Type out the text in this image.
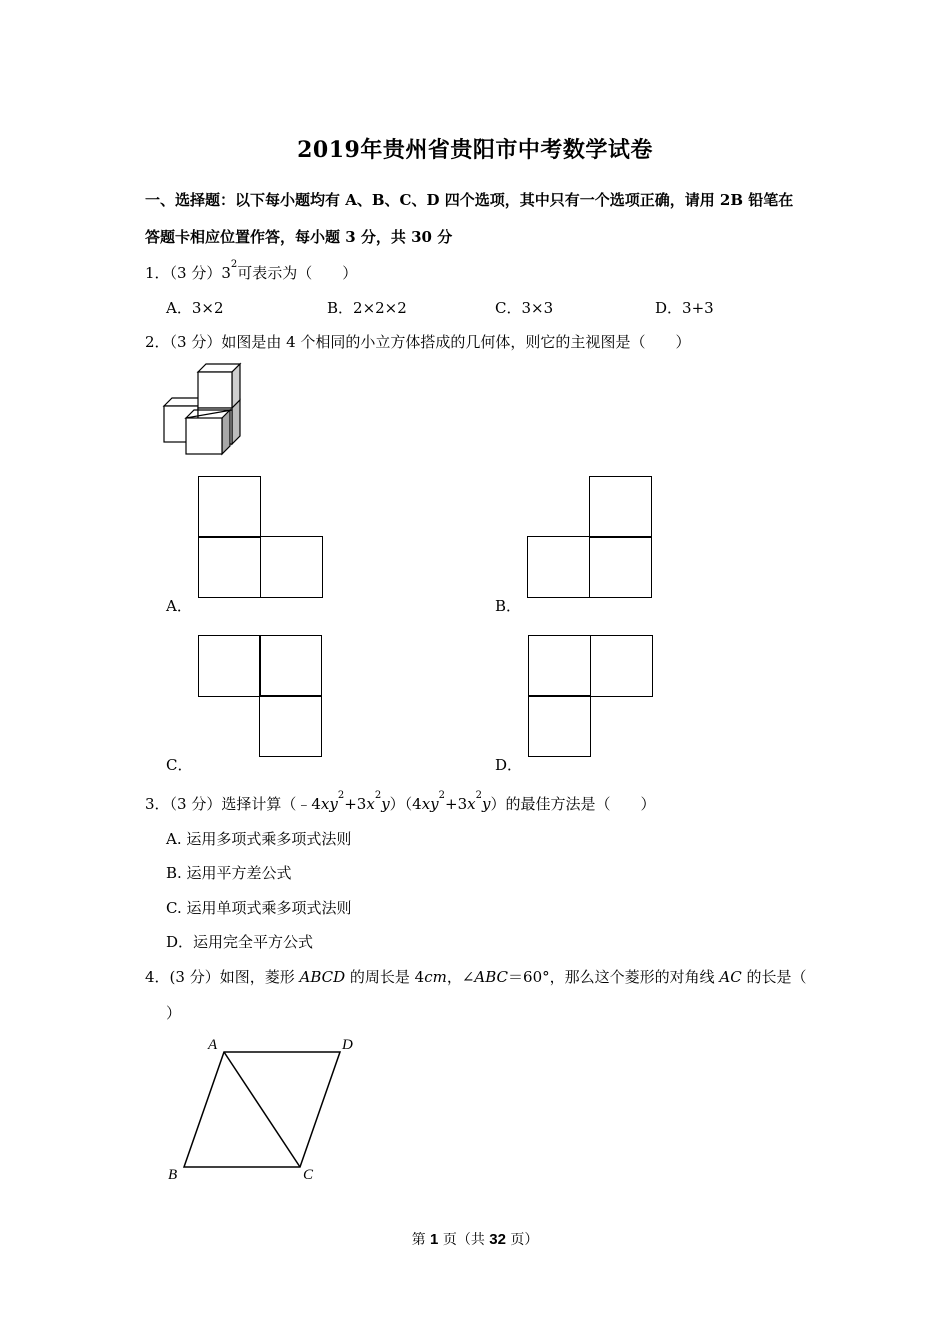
2019年贵州省贵阳市中考数学试卷
一、选择题：以下每小题均有 A、B、C、D 四个选项，其中只有一个选项正确，请用 2B 铅笔在
答题卡相应位置作答，每小题 3 分，共 30 分
1．（3 分）$3^2$可表示为（　　）
A．3×2	B．2×2×2	C．3×3	D．3+3
2．（3 分）如图是由 4 个相同的小立方体搭成的几何体，则它的主视图是（　　）
A．	B．
C．	D．
3．（3 分）选择计算$(﹣4xy^2+3x^2y)(4xy^2+3x^2y)$的最佳方法是（　　）
A. 运用多项式乘多项式法则
B. 运用平方差公式
C. 运用单项式乘多项式法则
D．运用完全平方公式
4．(3 分）如图，菱形 ABCD 的周长是 4cm，∠ABC＝60°，那么这个菱形的对角线 AC 的长是（
）
A	D
B	C
第 1 页（共 32 页）
